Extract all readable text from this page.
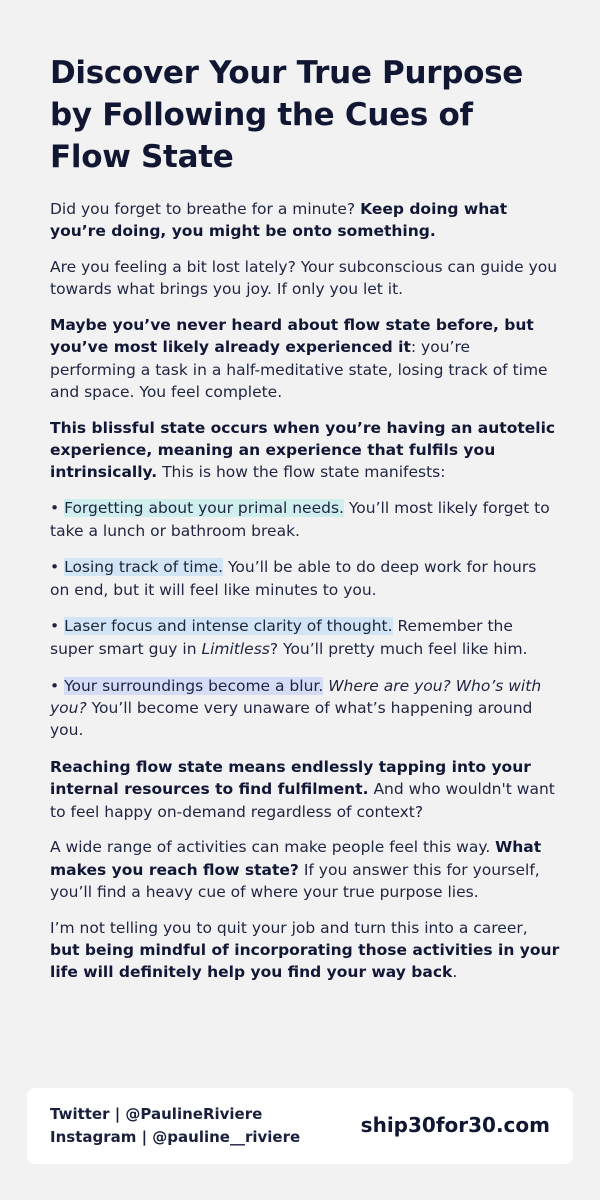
Discover Your True Purpose by Following the Cues of Flow State

Did you forget to breathe for a minute? Keep doing what you’re doing, you might be onto something.

Are you feeling a bit lost lately? Your subconscious can guide you towards what brings you joy. If only you let it.

Maybe you’ve never heard about flow state before, but you’ve most likely already experienced it: you’re performing a task in a half-meditative state, losing track of time and space. You feel complete.

This blissful state occurs when you’re having an autotelic experience, meaning an experience that fulfils you intrinsically. This is how the flow state manifests:

• Forgetting about your primal needs. You’ll most likely forget to take a lunch or bathroom break.

• Losing track of time. You’ll be able to do deep work for hours on end, but it will feel like minutes to you.

• Laser focus and intense clarity of thought. Remember the super smart guy in Limitless? You’ll pretty much feel like him.

• Your surroundings become a blur. Where are you? Who’s with you? You’ll become very unaware of what’s happening around you.

Reaching flow state means endlessly tapping into your internal resources to find fulfilment. And who wouldn't want to feel happy on-demand regardless of context?

A wide range of activities can make people feel this way. What makes you reach flow state? If you answer this for yourself, you’ll find a heavy cue of where your true purpose lies.

I’m not telling you to quit your job and turn this into a career, but being mindful of incorporating those activities in your life will definitely help you find your way back.

Twitter | @PaulineRiviere
Instagram | @pauline__riviere	ship30for30.com
